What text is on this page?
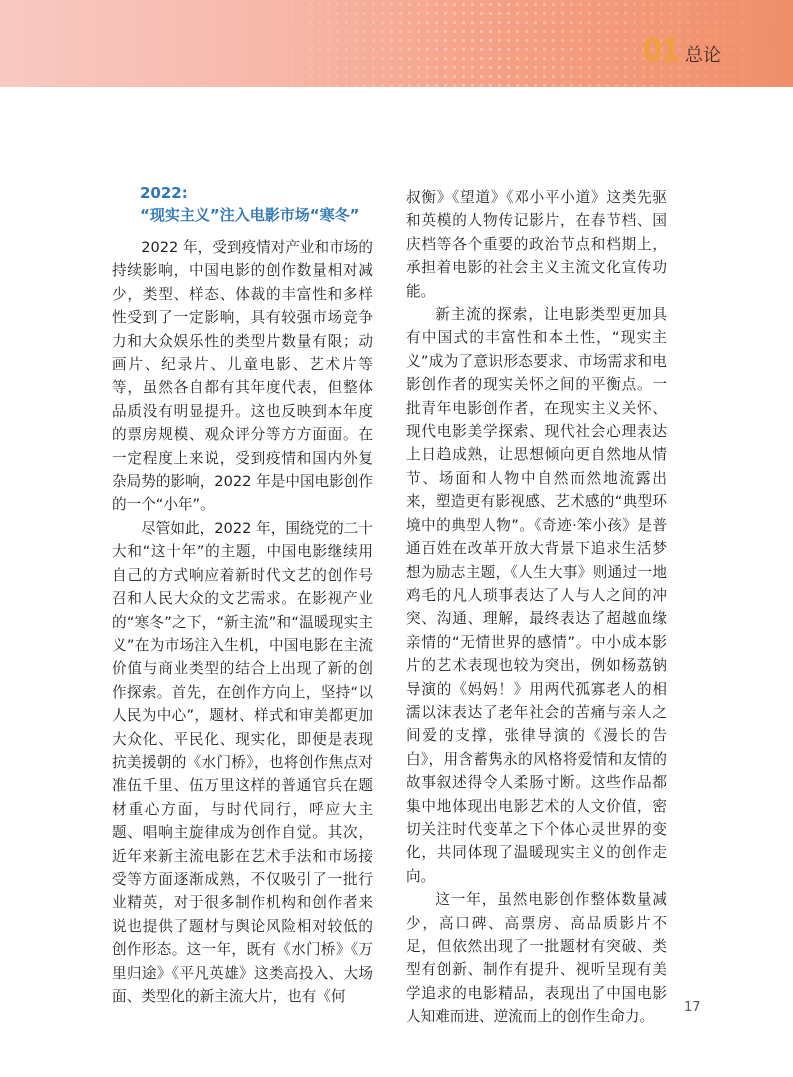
01 总论
2022:
“现实主义”注入电影市场“寒冬”

2022 年，受到疫情对产业和市场的持续影响，中国电影的创作数量相对减少，类型、样态、体裁的丰富性和多样性受到了一定影响，具有较强市场竞争力和大众娱乐性的类型片数量有限；动画片、纪录片、儿童电影、艺术片等等，虽然各自都有其年度代表，但整体品质没有明显提升。这也反映到本年度的票房规模、观众评分等方方面面。在一定程度上来说，受到疫情和国内外复杂局势的影响，2022 年是中国电影创作的一个“小年”。

尽管如此，2022 年，围绕党的二十大和“这十年”的主题，中国电影继续用自己的方式响应着新时代文艺的创作号召和人民大众的文艺需求。在影视产业的“寒冬”之下，“新主流”和“温暖现实主义”在为市场注入生机，中国电影在主流价值与商业类型的结合上出现了新的创作探索。首先，在创作方向上，坚持“以人民为中心”，题材、样式和审美都更加大众化、平民化、现实化，即便是表现抗美援朝的《水门桥》，也将创作焦点对准伍千里、伍万里这样的普通官兵在题材重心方面，与时代同行，呼应大主题、唱响主旋律成为创作自觉。其次，近年来新主流电影在艺术手法和市场接受等方面逐渐成熟，不仅吸引了一批行业精英，对于很多制作机构和创作者来说也提供了题材与舆论风险相对较低的创作形态。这一年，既有《水门桥》《万里归途》《平凡英雄》这类高投入、大场面、类型化的新主流大片，也有《何

叔衡》《望道》《邓小平小道》这类先驱和英模的人物传记影片，在春节档、国庆档等各个重要的政治节点和档期上，承担着电影的社会主义主流文化宣传功能。

新主流的探索，让电影类型更加具有中国式的丰富性和本土性，“现实主义”成为了意识形态要求、市场需求和电影创作者的现实关怀之间的平衡点。一批青年电影创作者，在现实主义关怀、现代电影美学探索、现代社会心理表达上日趋成熟，让思想倾向更自然地从情节、场面和人物中自然而然地流露出来，塑造更有影视感、艺术感的“典型环境中的典型人物”。《奇迹·笨小孩》是普通百姓在改革开放大背景下追求生活梦想为励志主题，《人生大事》则通过一地鸡毛的凡人琐事表达了人与人之间的冲突、沟通、理解，最终表达了超越血缘亲情的“无情世界的感情”。中小成本影片的艺术表现也较为突出，例如杨荔钠导演的《妈妈！》用两代孤寡老人的相濡以沫表达了老年社会的苦痛与亲人之间爱的支撑，张律导演的《漫长的告白》，用含蓄隽永的风格将爱情和友情的故事叙述得令人柔肠寸断。这些作品都集中地体现出电影艺术的人文价值，密切关注时代变革之下个体心灵世界的变化，共同体现了温暖现实主义的创作走向。

这一年，虽然电影创作整体数量减少，高口碑、高票房、高品质影片不足，但依然出现了一批题材有突破、类型有创新、制作有提升、视听呈现有美学追求的电影精品，表现出了中国电影人知难而进、逆流而上的创作生命力。

17
